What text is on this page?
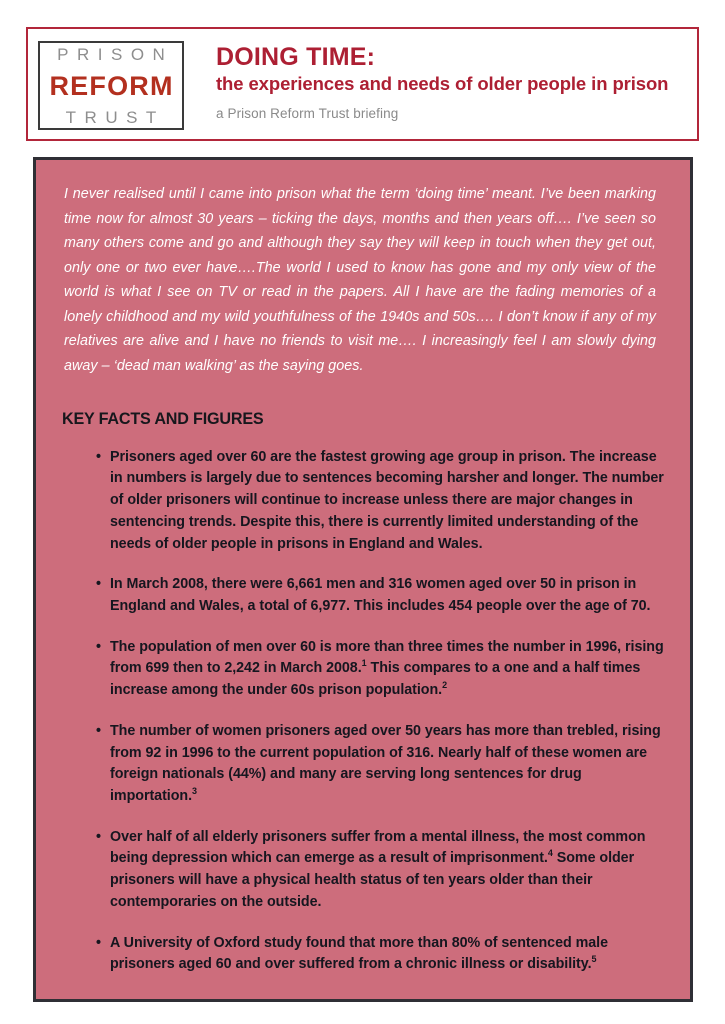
PRISON
REFORM
TRUST
DOING TIME:
the experiences and needs of older people in prison
a Prison Reform Trust briefing
I never realised until I came into prison what the term ‘doing time’ meant. I’ve been marking time now for almost 30 years – ticking the days, months and then years off…. I’ve seen so many others come and go and although they say they will keep in touch when they get out, only one or two ever have….The world I used to know has gone and my only view of the world is what I see on TV or read in the papers. All I have are the fading memories of a lonely childhood and my wild youthfulness of the 1940s and 50s…. I don’t know if any of my relatives are alive and I have no friends to visit me…. I increasingly feel I am slowly dying away – ‘dead man walking’ as the saying goes.
KEY FACTS AND FIGURES
• Prisoners aged over 60 are the fastest growing age group in prison. The increase in numbers is largely due to sentences becoming harsher and longer. The number of older prisoners will continue to increase unless there are major changes in sentencing trends. Despite this, there is currently limited understanding of the needs of older people in prisons in England and Wales.
• In March 2008, there were 6,661 men and 316 women aged over 50 in prison in England and Wales, a total of 6,977. This includes 454 people over the age of 70.
• The population of men over 60 is more than three times the number in 1996, rising from 699 then to 2,242 in March 2008.$^1$ This compares to a one and a half times increase among the under 60s prison population.$^2$
• The number of women prisoners aged over 50 years has more than trebled, rising from 92 in 1996 to the current population of 316. Nearly half of these women are foreign nationals (44%) and many are serving long sentences for drug importation.$^3$
• Over half of all elderly prisoners suffer from a mental illness, the most common being depression which can emerge as a result of imprisonment.$^4$ Some older prisoners will have a physical health status of ten years older than their contemporaries on the outside.
• A University of Oxford study found that more than 80% of sentenced male prisoners aged 60 and over suffered from a chronic illness or disability.$^5$
